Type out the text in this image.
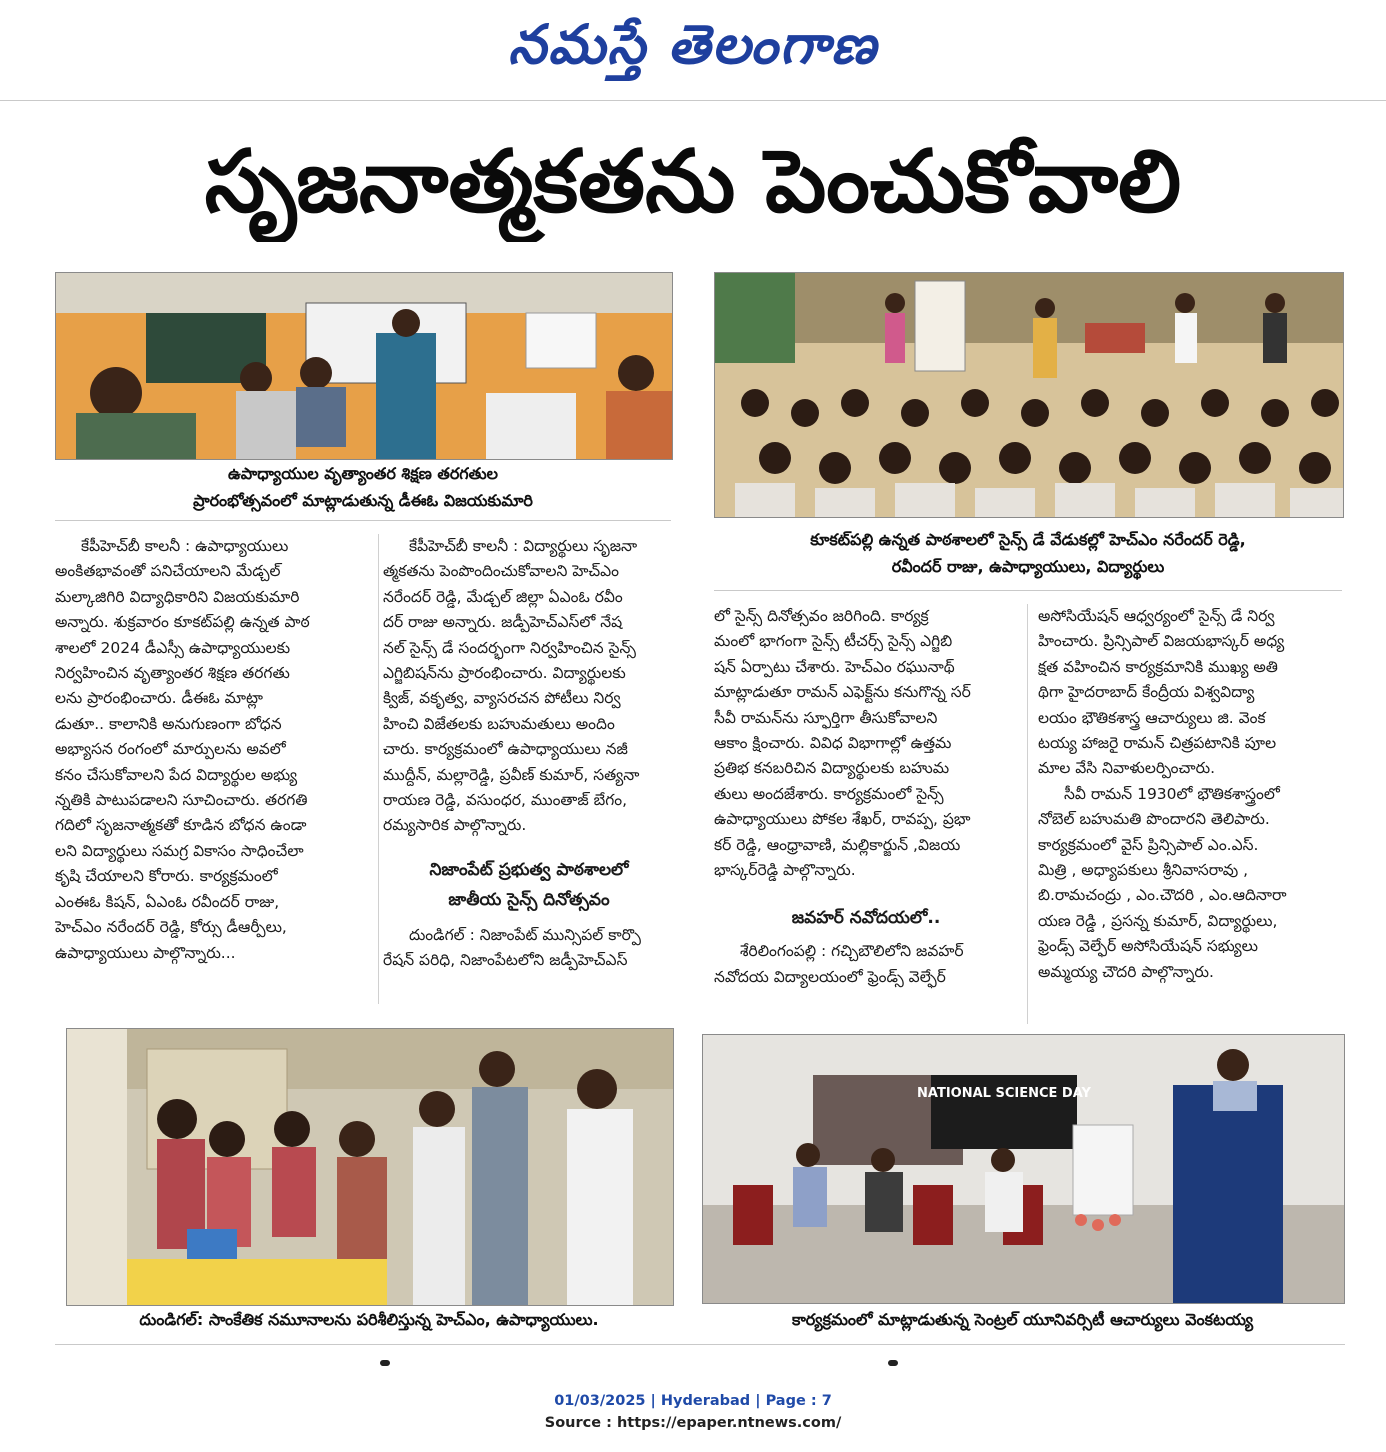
నమస్తే తెలంగాణ
సృజనాత్మకతను పెంచుకోవాలి
ఉపాధ్యాయుల వృత్యాంతర శిక్షణ తరగతుల
ప్రారంభోత్సవంలో మాట్లాడుతున్న డీఈఓ విజయకుమారి
కూకట్‌పల్లి ఉన్నత పాఠశాలలో సైన్స్ డే వేడుకల్లో హెచ్‌ఎం నరేందర్ రెడ్డి,
రవీందర్ రాజు, ఉపాధ్యాయులు, విద్యార్థులు
కేపీహెచ్‌బీ కాలనీ : ఉపాధ్యాయులు
అంకితభావంతో పనిచేయాలని మేడ్చల్
మల్కాజిగిరి విద్యాధికారిని విజయకుమారి
అన్నారు. శుక్రవారం కూకట్‌పల్లి ఉన్నత పాఠ
శాలలో 2024 డీఎస్సీ ఉపాధ్యాయులకు
నిర్వహించిన వృత్యాంతర శిక్షణ తరగతు
లను ప్రారంభించారు. డీఈఓ మాట్లా
డుతూ.. కాలానికి అనుగుణంగా బోధన
అభ్యాసన రంగంలో మార్పులను అవలో
కనం చేసుకోవాలని పేద విద్యార్థుల అభ్యు
న్నతికి పాటుపడాలని సూచించారు. తరగతి
గదిలో సృజనాత్మకతో కూడిన బోధన ఉండా
లని విద్యార్థులు సమగ్ర వికాసం సాధించేలా
కృషి చేయాలని కోరారు. కార్యక్రమంలో
ఎంఈఓ కిషన్, ఏఎంఓ రవీందర్ రాజు,
హెచ్‌ఎం నరేందర్ రెడ్డి, కోర్సు డీఆర్పీలు,
ఉపాధ్యాయులు పాల్గొన్నారు...
కేపీహెచ్‌బీ కాలనీ : విద్యార్థులు సృజనా
త్మకతను పెంపొందించుకోవాలని హెచ్‌ఎం
నరేందర్ రెడ్డి, మేడ్చల్ జిల్లా ఏఎంఓ రవీం
దర్ రాజు అన్నారు. జడ్పీహెచ్‌ఎస్‌లో నేష
నల్ సైన్స్ డే సందర్భంగా నిర్వహించిన సైన్స్
ఎగ్జిబిషన్‌ను ప్రారంభించారు. విద్యార్థులకు
క్విజ్, వకృత్వ, వ్యాసరచన పోటీలు నిర్వ
హించి విజేతలకు బహుమతులు అందిం
చారు. కార్యక్రమంలో ఉపాధ్యాయులు నజీ
ముద్దీన్, మల్లారెడ్డి, ప్రవీణ్ కుమార్, సత్యనా
రాయణ రెడ్డి, వసుంధర, ముంతాజ్ బేగం,
రమ్యసారిక పాల్గొన్నారు.
నిజాంపేట్ ప్రభుత్వ పాఠశాలలో
జాతీయ సైన్స్ దినోత్సవం
దుండిగల్ : నిజాంపేట్ మున్సిపల్ కార్పొ
రేషన్ పరిధి, నిజాంపేటలోని జడ్పీహెచ్‌ఎస్
లో సైన్స్ దినోత్సవం జరిగింది. కార్యక్ర
మంలో భాగంగా సైన్స్ టీచర్స్ సైన్స్ ఎగ్జిబి
షన్ ఏర్పాటు చేశారు. హెచ్‌ఎం రఘునాథ్
మాట్లాడుతూ రామన్ ఎఫెక్ట్‌ను కనుగొన్న సర్
సీవీ రామన్‌ను స్ఫూర్తిగా తీసుకోవాలని
ఆకాం క్షించారు. వివిధ విభాగాల్లో ఉత్తమ
ప్రతిభ కనబరిచిన విద్యార్థులకు బహుమ
తులు అందజేశారు. కార్యక్రమంలో సైన్స్
ఉపాధ్యాయులు పోకల శేఖర్, రావప్ప, ప్రభా
కర్ రెడ్డి, ఆంధ్రావాణి, మల్లికార్జున్ ,విజయ
భాస్కర్‌రెడ్డి పాల్గొన్నారు.
జవహర్ నవోదయలో..
శేరిలింగంపల్లి : గచ్చిబౌలిలోని జవహర్
నవోదయ విద్యాలయంలో ఫ్రెండ్స్ వెల్ఫేర్
అసోసియేషన్ ఆధ్వర్యంలో సైన్స్ డే నిర్వ
హించారు. ప్రిన్సిపాల్ విజయభాస్కర్ అధ్య
క్షత వహించిన కార్యక్రమానికి ముఖ్య అతి
థిగా హైదరాబాద్ కేంద్రీయ విశ్వవిద్యా
లయం భౌతికశాస్త్ర ఆచార్యులు జి. వెంక
టయ్య హాజరై రామన్ చిత్రపటానికి పూల
మాల వేసి నివాళులర్పించారు.
సీవీ రామన్ 1930లో భౌతికశాస్త్రంలో
నోబెల్ బహుమతి పొందారని తెలిపారు.
కార్యక్రమంలో వైస్ ప్రిన్సిపాల్ ఎం.ఎస్.
మిత్రి , అధ్యాపకులు శ్రీనివాసరావు ,
బి.రామచంద్రు , ఎం.చౌదరి , ఎం.ఆదినారా
యణ రెడ్డి , ప్రసన్న కుమార్, విద్యార్థులు,
ఫ్రెండ్స్ వెల్ఫేర్ అసోసియేషన్ సభ్యులు
అమ్మయ్య చౌదరి పాల్గొన్నారు.
దుండిగల్: సాంకేతిక నమూనాలను పరిశీలిస్తున్న హెచ్‌ఎం, ఉపాధ్యాయులు.
NATIONAL SCIENCE DAY
కార్యక్రమంలో మాట్లాడుతున్న సెంట్రల్ యూనివర్సిటీ ఆచార్యులు వెంకటయ్య
01/03/2025 | Hyderabad | Page : 7
Source : https://epaper.ntnews.com/
